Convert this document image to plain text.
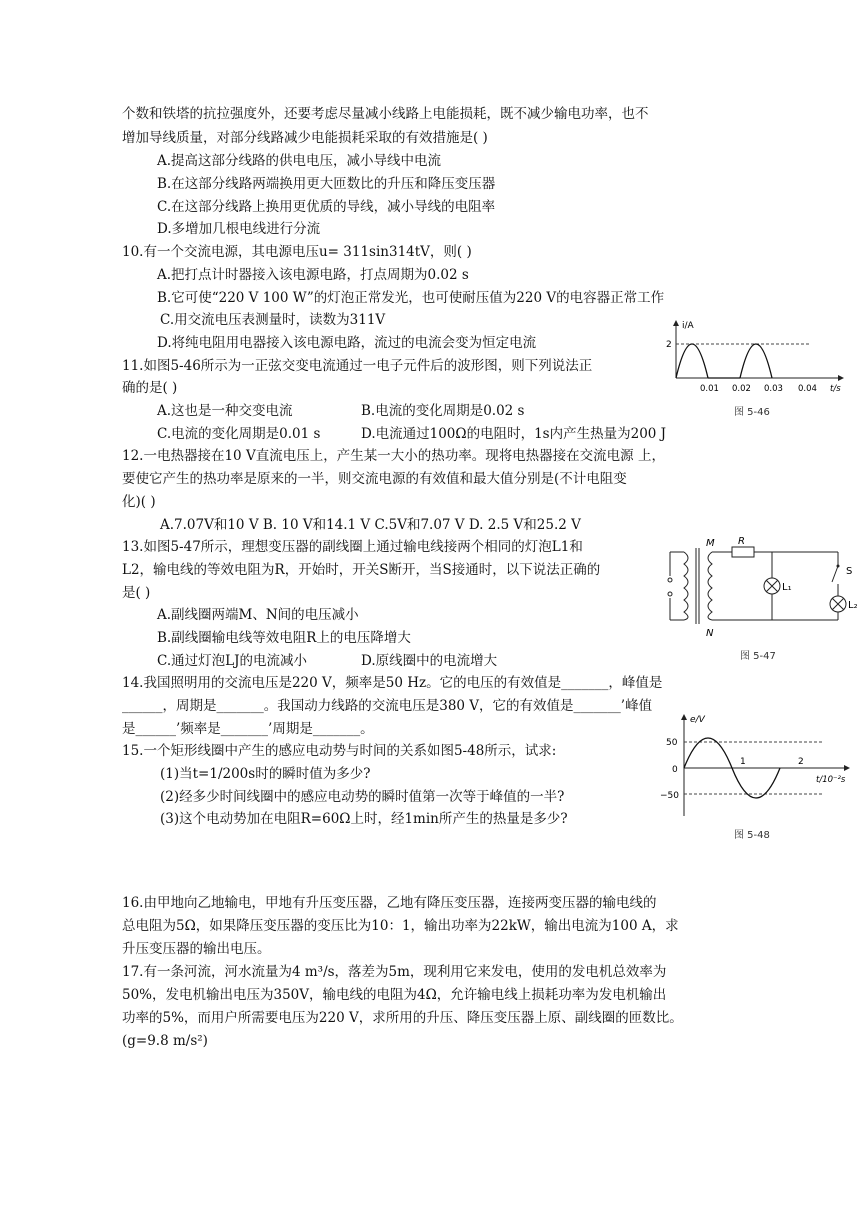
个数和铁塔的抗拉强度外，还要考虑尽量减小线路上电能损耗，既不减少输电功率，也不
增加导线质量，对部分线路减少电能损耗采取的有效措施是( )
A.提高这部分线路的供电电压，减小导线中电流
B.在这部分线路两端换用更大匝数比的升压和降压变压器
C.在这部分线路上换用更优质的导线，减小导线的电阻率
D.多增加几根电线进行分流
10.有一个交流电源，其电源电压u= 311sin314tV，则( )
A.把打点计时器接入该电源电路，打点周期为0.02 s
B.它可使“220 V 100 W”的灯泡正常发光，也可使耐压值为220 V的电容器正常工作
C.用交流电压表测量时，读数为311V
D.将纯电阻用电器接入该电源电路，流过的电流会变为恒定电流
11.如图5-46所示为一正弦交变电流通过一电子元件后的波形图，则下列说法正
确的是( )
A.这也是一种交变电流	B.电流的变化周期是0.02 s
C.电流的变化周期是0.01 s	D.电流通过100Ω的电阻时，1s内产生热量为200 J
12.一电热器接在10 V直流电压上，产生某一大小的热功率。现将电热器接在交流电源 上，
要使它产生的热功率是原来的一半，则交流电源的有效值和最大值分别是(不计电阻变
化)( )
A.7.07V和10 V B. 10 V和14.1 V C.5V和7.07 V D. 2.5 V和25.2 V
13.如图5-47所示，理想变压器的副线圈上通过输电线接两个相同的灯泡L1和
L2，输电线的等效电阻为R，开始时，开关S断开，当S接通时，以下说法正确的
是( )
A.副线圈两端M、N间的电压减小
B.副线圈输电线等效电阻R上的电压降增大
C.通过灯泡LJ的电流减小	D.原线圈中的电流增大
14.我国照明用的交流电压是220 V，频率是50 Hz。它的电压的有效值是_______，峰值是
______，周期是_______。我国动力线路的交流电压是380 V，它的有效值是_______’峰值
是______’频率是_______’周期是_______。
15.一个矩形线圈中产生的感应电动势与时间的关系如图5-48所示，试求:
(1)当t=1/200s时的瞬时值为多少?
(2)经多少时间线圈中的感应电动势的瞬时值第一次等于峰值的一半?
(3)这个电动势加在电阻R=60Ω上时，经1min所产生的热量是多少?
16.由甲地向乙地输电，甲地有升压变压器，乙地有降压变压器，连接两变压器的输电线的
总电阻为5Ω，如果降压变压器的变压比为10：1，输出功率为22kW，输出电流为100 A，求
升压变压器的输出电压。
17.有一条河流，河水流量为4 m³/s，落差为5m，现利用它来发电，使用的发电机总效率为
50%，发电机输出电压为350V，输电线的电阻为4Ω，允许输电线上损耗功率为发电机输出
功率的5%，而用户所需要电压为220 V，求所用的升压、降压变压器上原、副线圈的匝数比。
(g=9.8 m/s²)
i/A
2
0.01 0.02 0.03 0.04 t/s
图 5-46
M
N
R
S
L₁
L₂
图 5-47
e/V
50
0
−50
1	2
t/10⁻²s
图 5-48
